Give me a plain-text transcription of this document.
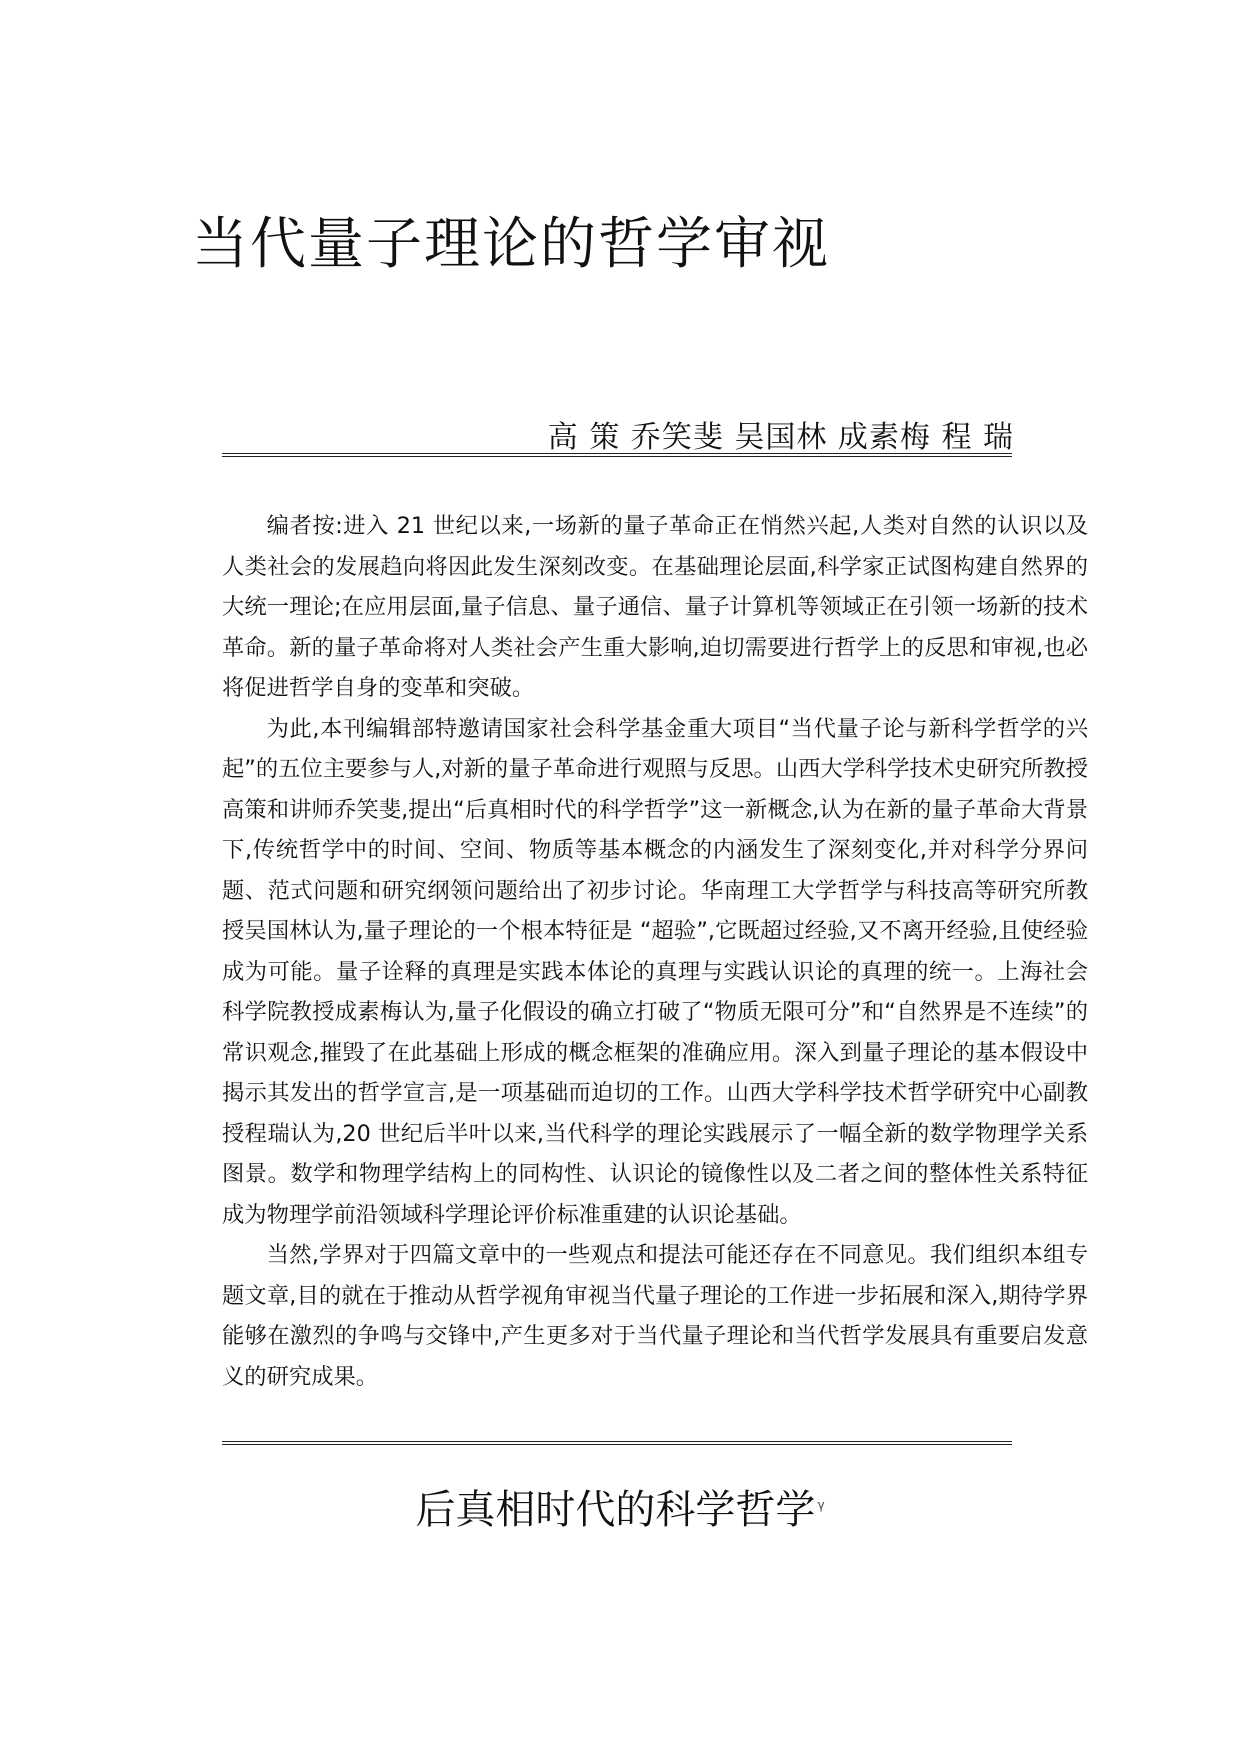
当代量子理论的哲学审视
高 策 乔笑斐 吴国林 成素梅 程 瑞

编者按:进入 21 世纪以来,一场新的量子革命正在悄然兴起,人类对自然的认识以及人类社会的发展趋向将因此发生深刻改变。在基础理论层面,科学家正试图构建自然界的大统一理论;在应用层面,量子信息、量子通信、量子计算机等领域正在引领一场新的技术革命。新的量子革命将对人类社会产生重大影响,迫切需要进行哲学上的反思和审视,也必将促进哲学自身的变革和突破。

为此,本刊编辑部特邀请国家社会科学基金重大项目“当代量子论与新科学哲学的兴起”的五位主要参与人,对新的量子革命进行观照与反思。山西大学科学技术史研究所教授高策和讲师乔笑斐,提出“后真相时代的科学哲学”这一新概念,认为在新的量子革命大背景下,传统哲学中的时间、空间、物质等基本概念的内涵发生了深刻变化,并对科学分界问题、范式问题和研究纲领问题给出了初步讨论。华南理工大学哲学与科技高等研究所教授吴国林认为,量子理论的一个根本特征是 “超验”,它既超过经验,又不离开经验,且使经验成为可能。量子诠释的真理是实践本体论的真理与实践认识论的真理的统一。上海社会科学院教授成素梅认为,量子化假设的确立打破了“物质无限可分”和“自然界是不连续”的常识观念,摧毁了在此基础上形成的概念框架的准确应用。深入到量子理论的基本假设中揭示其发出的哲学宣言,是一项基础而迫切的工作。山西大学科学技术哲学研究中心副教授程瑞认为,20 世纪后半叶以来,当代科学的理论实践展示了一幅全新的数学物理学关系图景。数学和物理学结构上的同构性、认识论的镜像性以及二者之间的整体性关系特征成为物理学前沿领域科学理论评价标准重建的认识论基础。

当然,学界对于四篇文章中的一些观点和提法可能还存在不同意见。我们组织本组专题文章,目的就在于推动从哲学视角审视当代量子理论的工作进一步拓展和深入,期待学界能够在激烈的争鸣与交锋中,产生更多对于当代量子理论和当代哲学发展具有重要启发意义的研究成果。

后真相时代的科学哲学 $^\gamma$
